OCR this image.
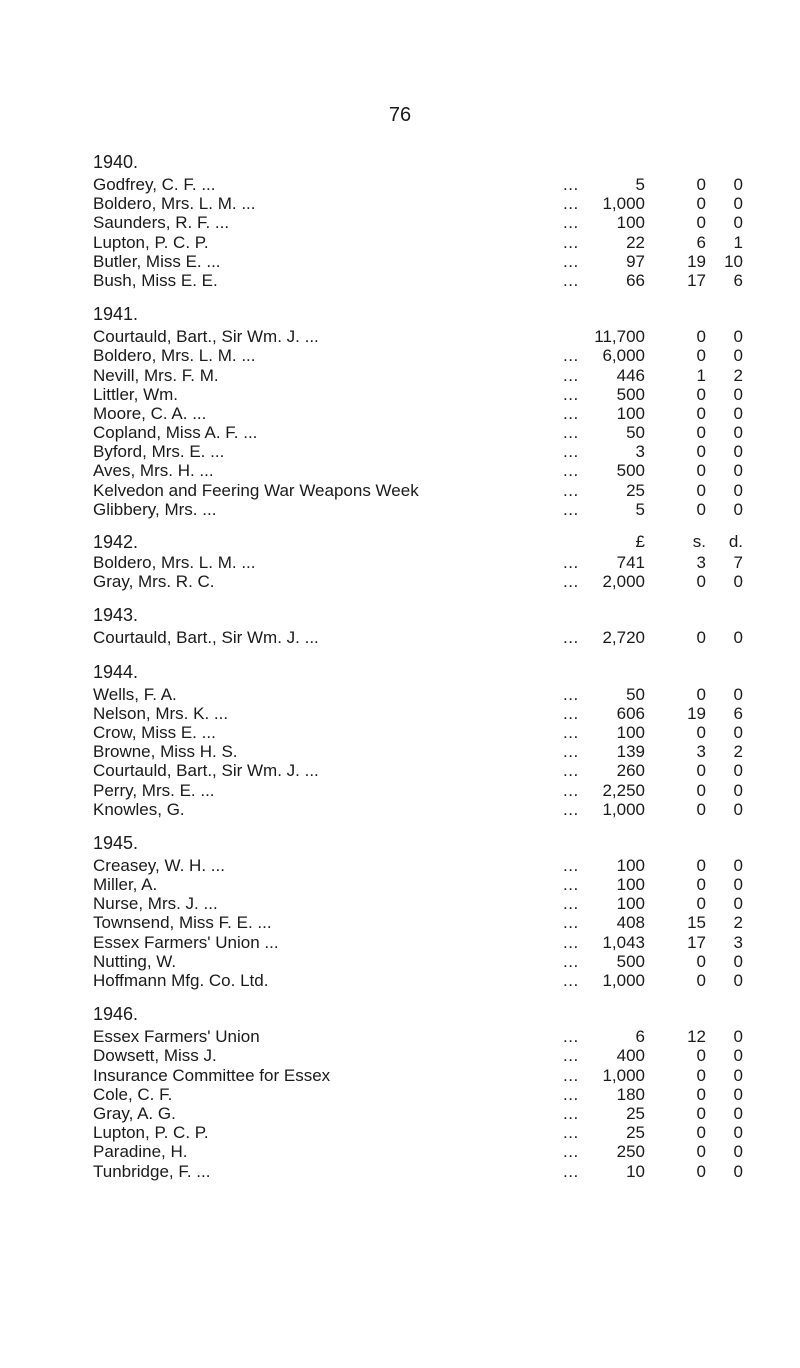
76
1940.
Godfrey, C. F. ...	...	5	0 0
Boldero, Mrs. L. M. ...	... 1,000	0 0
Saunders, R. F. ...	... 100	0 0
Lupton, P. C. P.	...	22	6 1
Butler, Miss E. ...	...	97 19 10
Bush, Miss E. E.	...	66 17 6
1941.
Courtauld, Bart., Sir Wm. J. ...	11,700	0 0
Boldero, Mrs. L. M. ...	... 6,000	0 0
Nevill, Mrs. F. M.	... 446	1 2
Littler, Wm.	... 500	0 0
Moore, C. A. ...	... 100	0 0
Copland, Miss A. F. ...	...	50	0 0
Byford, Mrs. E. ...	...	3	0 0
Aves, Mrs. H. ...	... 500	0 0
Kelvedon and Feering War Weapons Week	...	25	0 0
Glibbery, Mrs. ...	...	5	0 0
1942.	£	s. d.
Boldero, Mrs. L. M. ...	... 741	3 7
Gray, Mrs. R. C.	... 2,000	0 0
1943.
Courtauld, Bart., Sir Wm. J. ...	... 2,720	0 0
1944.
Wells, F. A.	...	50	0 0
Nelson, Mrs. K. ...	... 606 19 6
Crow, Miss E. ...	... 100	0 0
Browne, Miss H. S.	... 139	3 2
Courtauld, Bart., Sir Wm. J. ...	... 260	0 0
Perry, Mrs. E. ...	... 2,250	0 0
Knowles, G.	... 1,000	0 0
1945.
Creasey, W. H. ...	... 100	0 0
Miller, A.	... 100	0 0
Nurse, Mrs. J. ...	... 100	0 0
Townsend, Miss F. E. ...	... 408 15 2
Essex Farmers' Union ...	... 1,043 17 3
Nutting, W.	... 500	0 0
Hoffmann Mfg. Co. Ltd.	... 1,000	0 0
1946.
Essex Farmers' Union	...	6 12 0
Dowsett, Miss J.	... 400	0 0
Insurance Committee for Essex	... 1,000	0 0
Cole, C. F.	... 180	0 0
Gray, A. G.	...	25	0 0
Lupton, P. C. P.	...	25	0 0
Paradine, H.	... 250	0 0
Tunbridge, F. ...	...	10	0 0
